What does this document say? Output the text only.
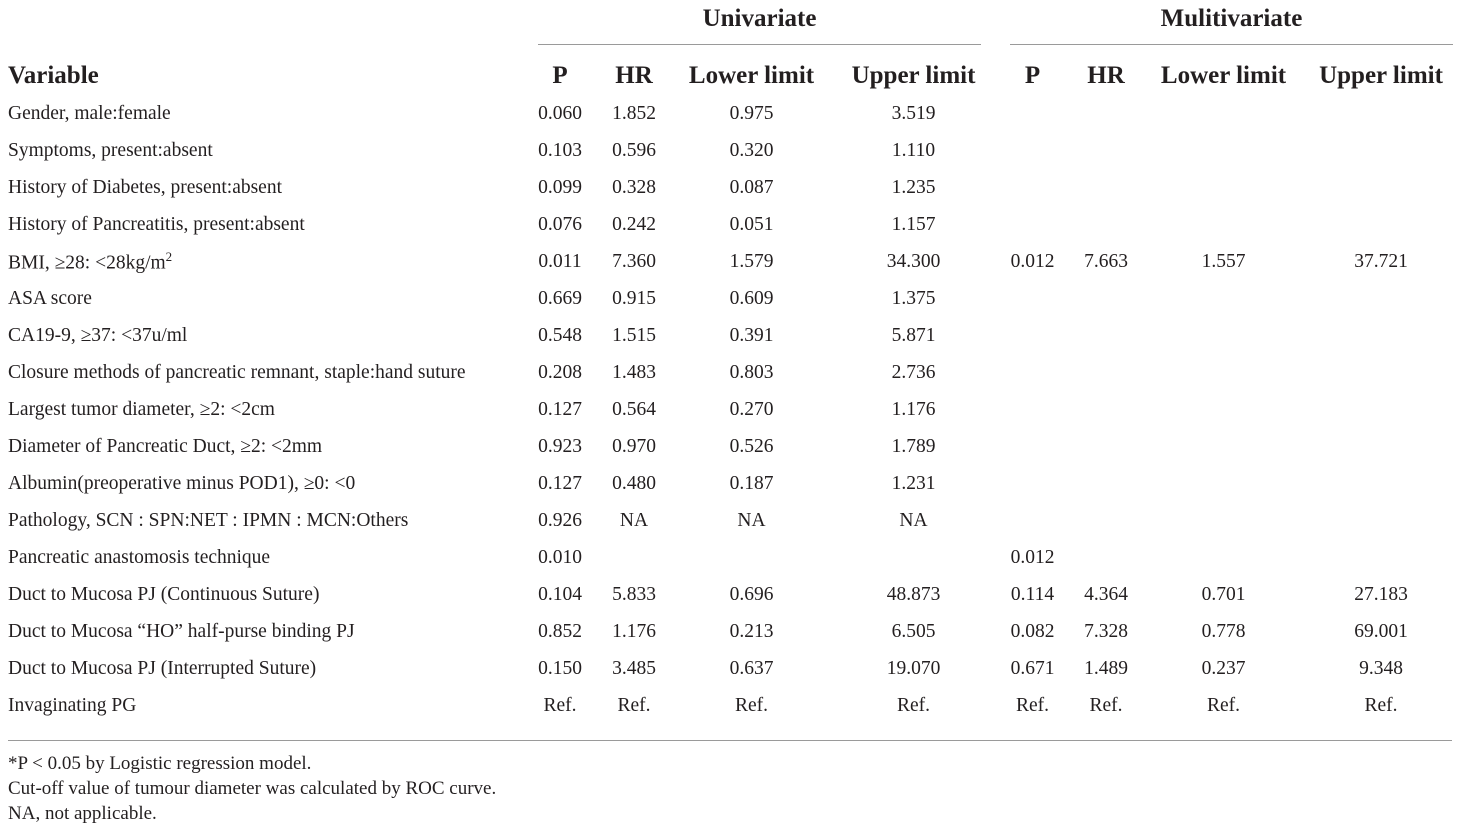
Univariate	Mulitivariate
Variable	P	HR	Lower limit	Upper limit	P	HR	Lower limit	Upper limit
Gender, male:female	0.060	1.852	0.975	3.519				
Symptoms, present:absent	0.103	0.596	0.320	1.110				
History of Diabetes, present:absent	0.099	0.328	0.087	1.235				
History of Pancreatitis, present:absent	0.076	0.242	0.051	1.157				
BMI, ≥28: $<28kg/m^2$	0.011	7.360	1.579	34.300	0.012	7.663	1.557	37.721
ASA score	0.669	0.915	0.609	1.375				
CA19-9, ≥37: <37u/ml	0.548	1.515	0.391	5.871				
Closure methods of pancreatic remnant, staple:hand suture	0.208	1.483	0.803	2.736				
Largest tumor diameter, ≥2: <2cm	0.127	0.564	0.270	1.176				
Diameter of Pancreatic Duct, ≥2: <2mm	0.923	0.970	0.526	1.789				
Albumin(preoperative minus POD1), ≥0: <0	0.127	0.480	0.187	1.231				
Pathology, SCN : SPN:NET : IPMN : MCN:Others	0.926	NA	NA	NA				
Pancreatic anastomosis technique	0.010				0.012			
Duct to Mucosa PJ (Continuous Suture)	0.104	5.833	0.696	48.873	0.114	4.364	0.701	27.183
Duct to Mucosa “HO” half-purse binding PJ	0.852	1.176	0.213	6.505	0.082	7.328	0.778	69.001
Duct to Mucosa PJ (Interrupted Suture)	0.150	3.485	0.637	19.070	0.671	1.489	0.237	9.348
Invaginating PG	Ref.	Ref.	Ref.	Ref.	Ref.	Ref.	Ref.	Ref.
*P < 0.05 by Logistic regression model.
Cut-off value of tumour diameter was calculated by ROC curve.
NA, not applicable.
